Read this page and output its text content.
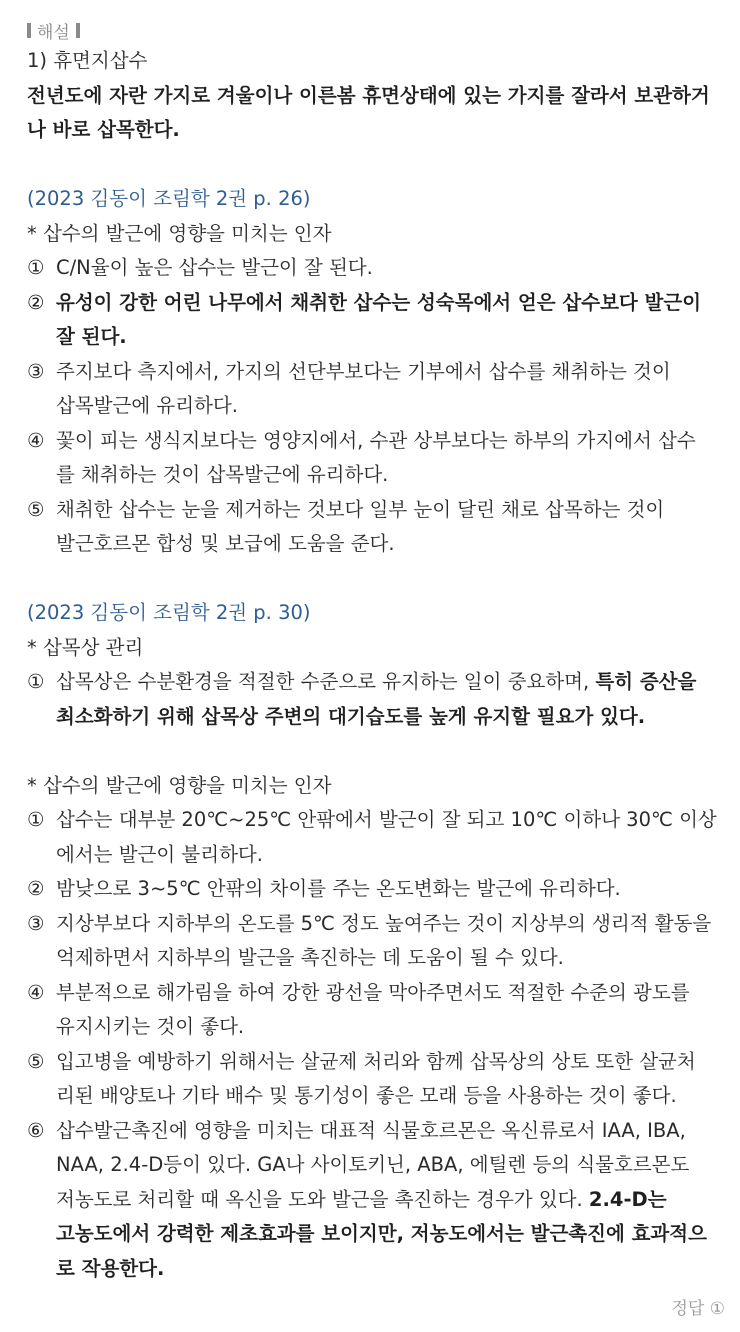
해설
1) 휴면지삽수
전년도에 자란 가지로 겨울이나 이른봄 휴면상태에 있는 가지를 잘라서 보관하거
나 바로 삽목한다.
(2023 김동이 조림학 2권 p. 26)
* 삽수의 발근에 영향을 미치는 인자
① C/N율이 높은 삽수는 발근이 잘 된다.
② 유성이 강한 어린 나무에서 채취한 삽수는 성숙목에서 얻은 삽수보다 발근이
잘 된다.
③ 주지보다 측지에서, 가지의 선단부보다는 기부에서 삽수를 채취하는 것이
삽목발근에 유리하다.
④ 꽃이 피는 생식지보다는 영양지에서, 수관 상부보다는 하부의 가지에서 삽수
를 채취하는 것이 삽목발근에 유리하다.
⑤ 채취한 삽수는 눈을 제거하는 것보다 일부 눈이 달린 채로 삽목하는 것이
발근호르몬 합성 및 보급에 도움을 준다.
(2023 김동이 조림학 2권 p. 30)
* 삽목상 관리
① 삽목상은 수분환경을 적절한 수준으로 유지하는 일이 중요하며, 특히 증산을
최소화하기 위해 삽목상 주변의 대기습도를 높게 유지할 필요가 있다.
* 삽수의 발근에 영향을 미치는 인자
① 삽수는 대부분 20℃~25℃ 안팎에서 발근이 잘 되고 10℃ 이하나 30℃ 이상
에서는 발근이 불리하다.
② 밤낮으로 3~5℃ 안팎의 차이를 주는 온도변화는 발근에 유리하다.
③ 지상부보다 지하부의 온도를 5℃ 정도 높여주는 것이 지상부의 생리적 활동을
억제하면서 지하부의 발근을 촉진하는 데 도움이 될 수 있다.
④ 부분적으로 해가림을 하여 강한 광선을 막아주면서도 적절한 수준의 광도를
유지시키는 것이 좋다.
⑤ 입고병을 예방하기 위해서는 살균제 처리와 함께 삽목상의 상토 또한 살균처
리된 배양토나 기타 배수 및 통기성이 좋은 모래 등을 사용하는 것이 좋다.
⑥ 삽수발근촉진에 영향을 미치는 대표적 식물호르몬은 옥신류로서 IAA, IBA,
NAA, 2.4-D등이 있다. GA나 사이토키닌, ABA, 에틸렌 등의 식물호르몬도
저농도로 처리할 때 옥신을 도와 발근을 촉진하는 경우가 있다. 2.4-D는
고농도에서 강력한 제초효과를 보이지만, 저농도에서는 발근촉진에 효과적으
로 작용한다.
정답 ①
